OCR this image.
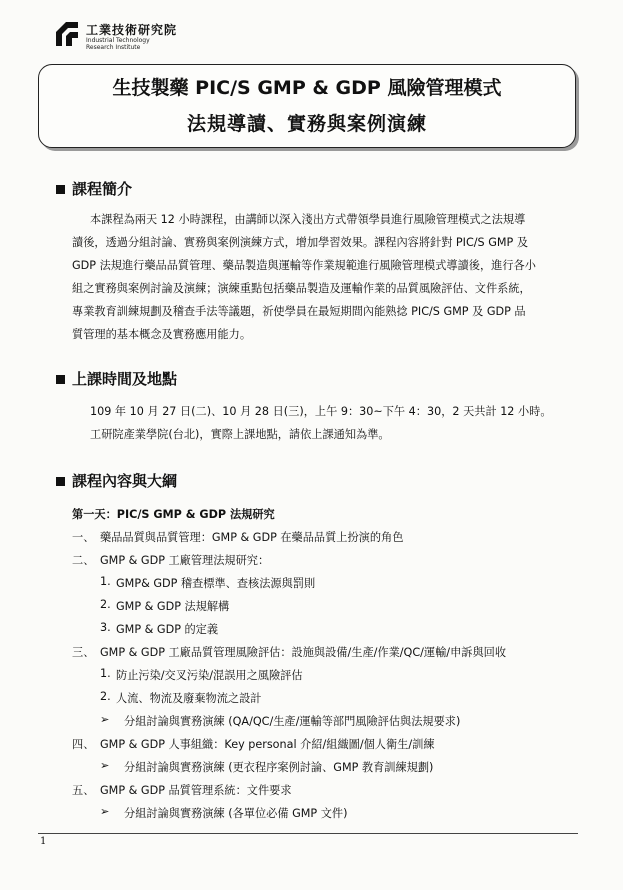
工業技術研究院
Industrial Technology
Research Institute
生技製藥 PIC/S GMP & GDP 風險管理模式
法規導讀、實務與案例演練
課程簡介
本課程為兩天 12 小時課程，由講師以深入淺出方式帶領學員進行風險管理模式之法規導
讀後，透過分組討論、實務與案例演練方式，增加學習效果。課程內容將針對 PIC/S GMP 及
GDP 法規進行藥品品質管理、藥品製造與運輸等作業規範進行風險管理模式導讀後，進行各小
組之實務與案例討論及演練；演練重點包括藥品製造及運輸作業的品質風險評估、文件系統，
專業教育訓練規劃及稽查手法等議題，祈使學員在最短期間內能熟捻 PIC/S GMP 及 GDP 品
質管理的基本概念及實務應用能力。
上課時間及地點
109 年 10 月 27 日(二)、10 月 28 日(三)，上午 9：30~下午 4：30，2 天共計 12 小時。
工研院產業學院(台北)，實際上課地點，請依上課通知為準。
課程內容與大綱
第一天：PIC/S GMP & GDP 法規研究
一、 藥品品質與品質管理：GMP & GDP 在藥品品質上扮演的角色
二、 GMP & GDP 工廠管理法規研究：
1. GMP& GDP 稽查標準、查核法源與罰則
2. GMP & GDP 法規解構
3. GMP & GDP 的定義
三、 GMP & GDP 工廠品質管理風險評估：設施與設備/生產/作業/QC/運輸/申訴與回收
1. 防止污染/交叉污染/混誤用之風險評估
2. 人流、物流及廢棄物流之設計
➢ 分組討論與實務演練 (QA/QC/生產/運輸等部門風險評估與法規要求)
四、 GMP & GDP 人事組織：Key personal 介紹/組織圖/個人衛生/訓練
➢ 分組討論與實務演練 (更衣程序案例討論、GMP 教育訓練規劃)
五、 GMP & GDP 品質管理系統：文件要求
➢ 分組討論與實務演練 (各單位必備 GMP 文件)
1
